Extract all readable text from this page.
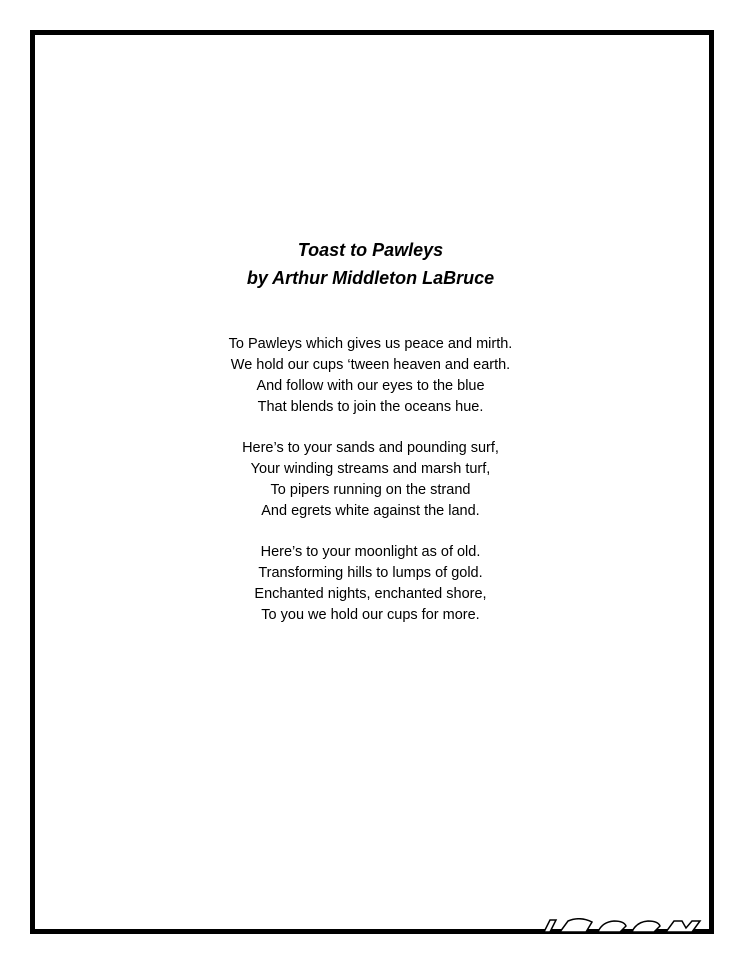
Toast to Pawleys
by Arthur Middleton LaBruce
To Pawleys which gives us peace and mirth.
We hold our cups ‘tween heaven and earth.
And follow with our eyes to the blue
That blends to join the oceans hue.
Here’s to your sands and pounding surf,
Your winding streams and marsh turf,
To pipers running on the strand
And egrets white against the land.
Here’s to your moonlight as of old.
Transforming hills to lumps of gold.
Enchanted nights, enchanted shore,
To you we hold our cups for more.
